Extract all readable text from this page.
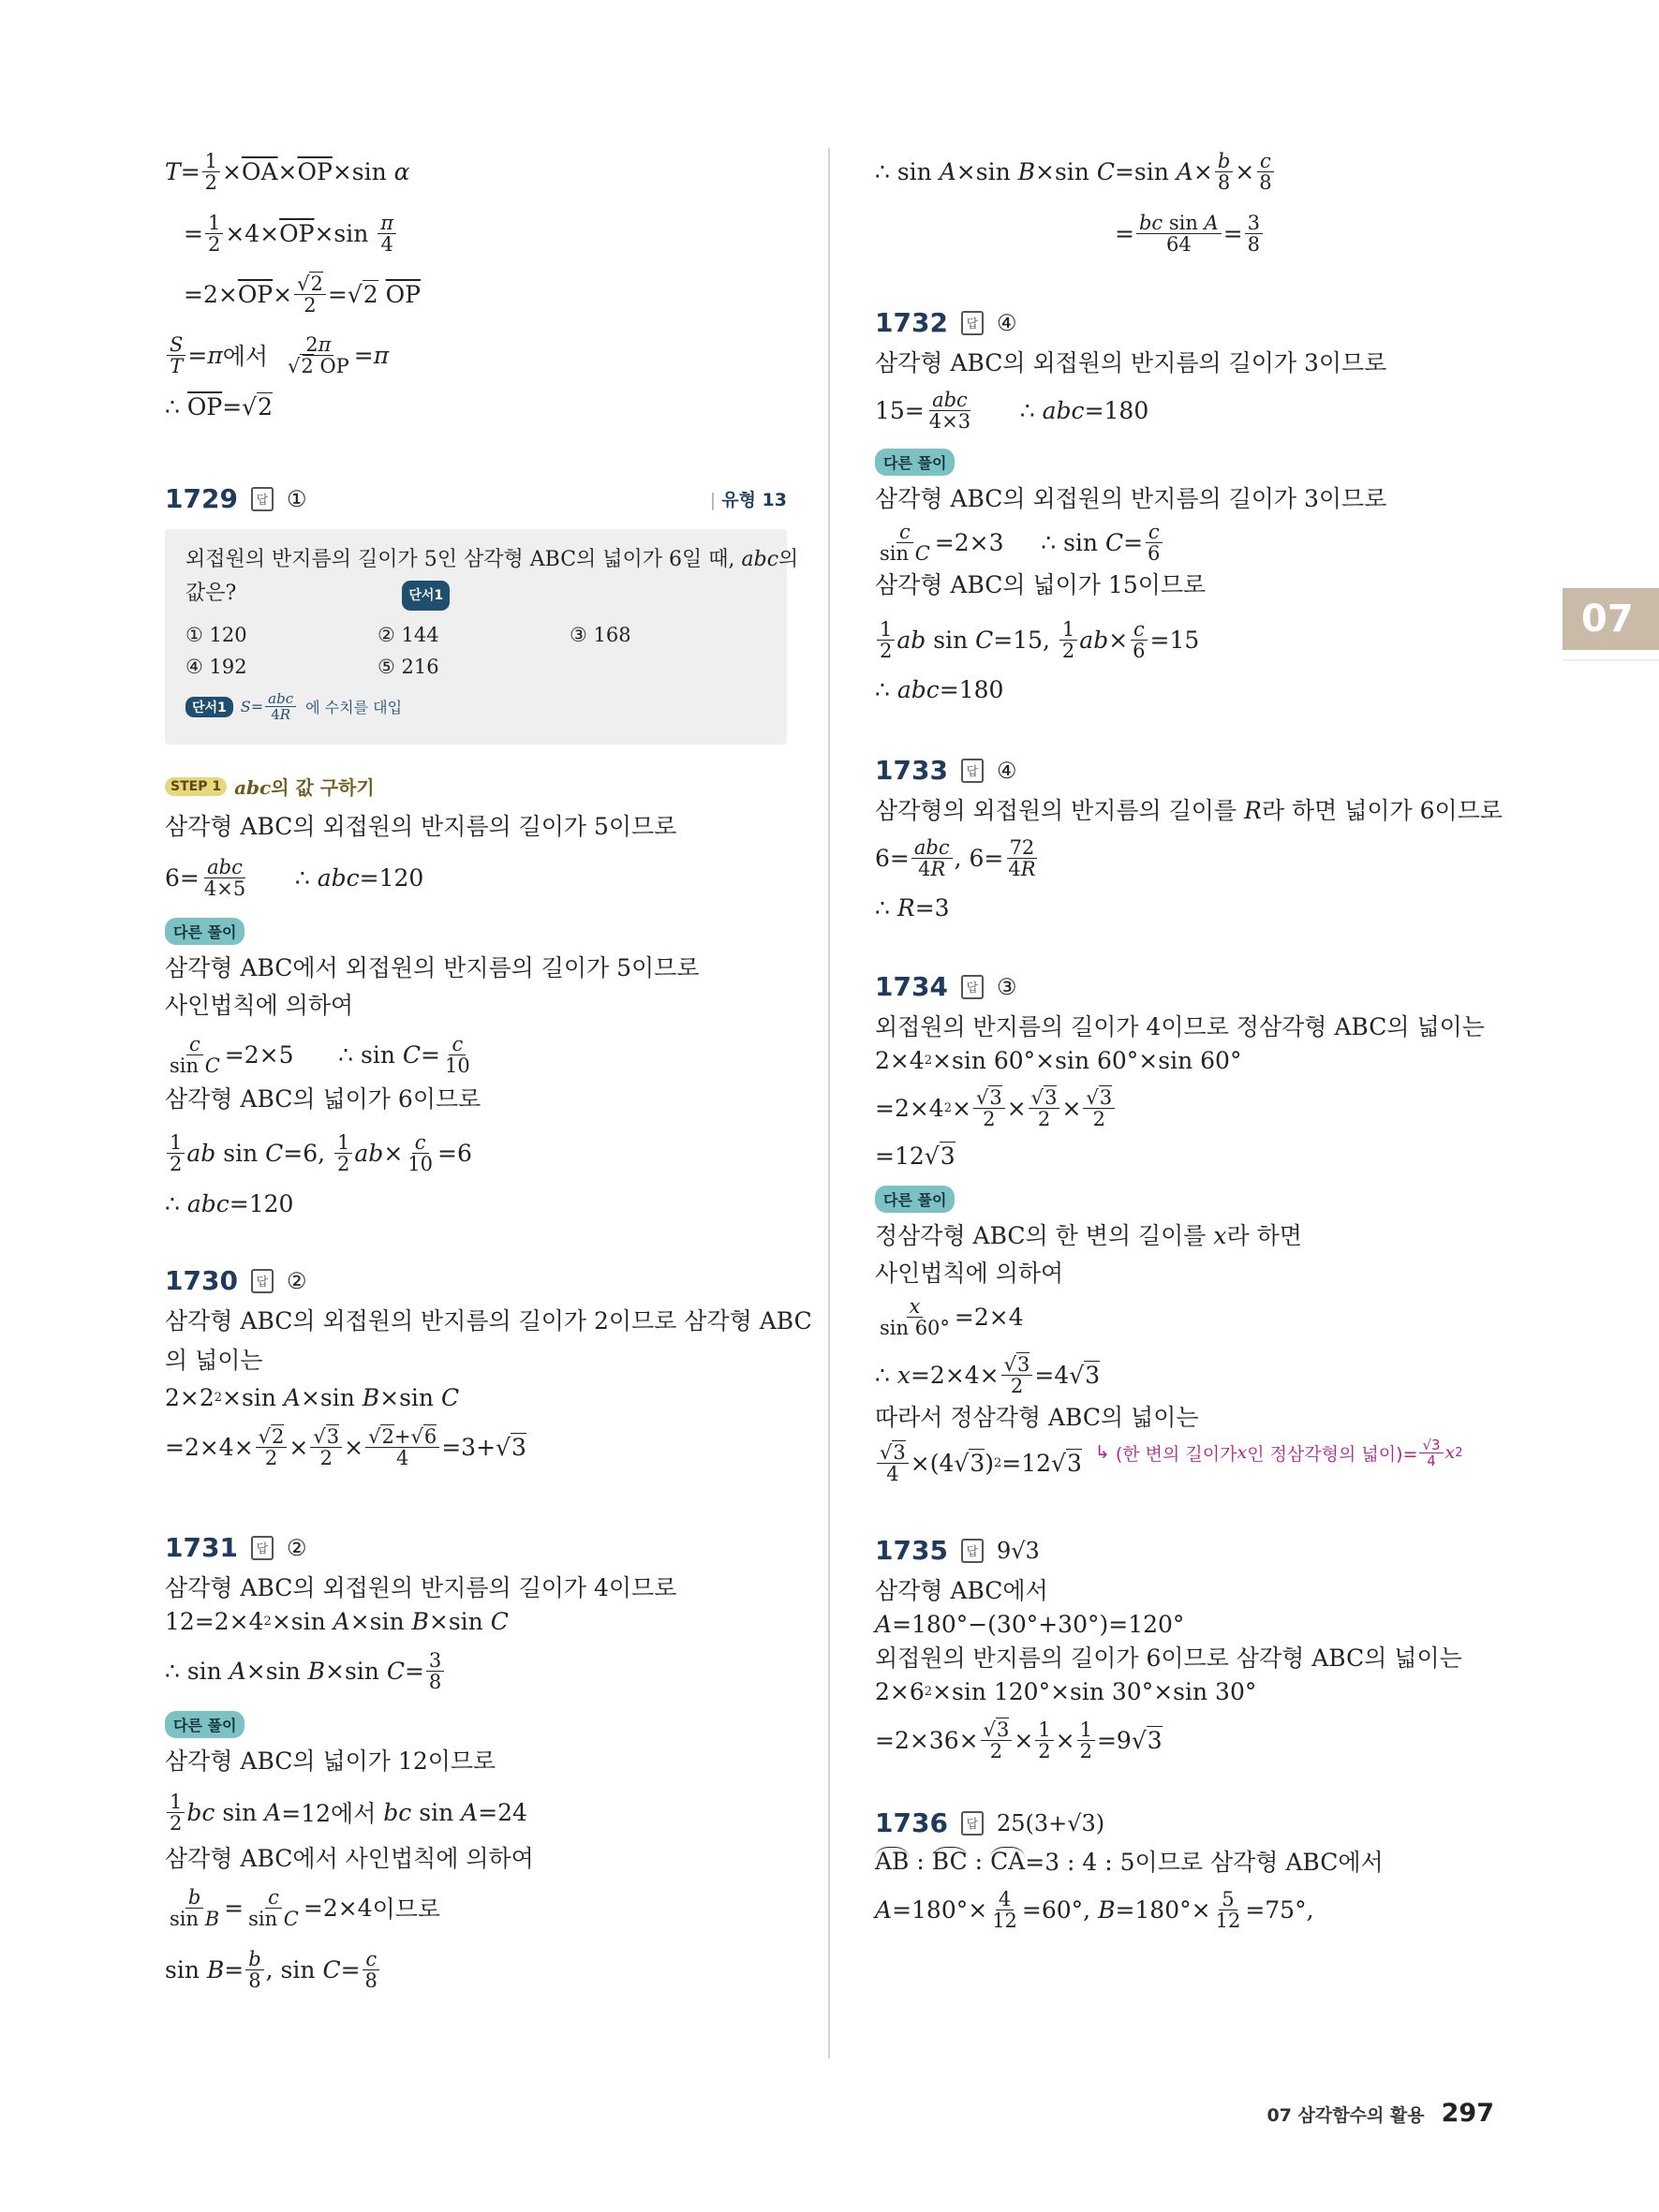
07
$T = \frac{1}{2} \times \overline{OA} \times \overline{OP} \times\sin$ α
= $\frac{1}{2} \times 4\times \overline{OP} \times\sin \frac{\pi}{4}$
$=2\times \overline{OP} \times \frac{√2}{2}$ =√ 2
$\overline{OP}$
$\frac{S}{T} = \pi$ 에서
$\frac{2\pi}{√2 OP} = \pi$
∴
$\overline{OP}$ =√ 2
1729	답 ①	| 유형 13
외접원의 반지름의 길이가 5인 삼각형 ABC의 넓이가 6일 때, abc의
값은?	단서1
① 120	② 144	③ 168
④ 192	⑤ 216
단서1 $S = \frac{\text{abc}}{4R}$ 에 수치를 대입
STEP 1 abc의 값 구하기
삼각형 ABC의 외접원의 반지름의 길이가 5이므로
$6= \frac{\text{abc}}{4\times 5}$ ∴ abc =120
다른 풀이
삼각형 ABC에서 외접원의 반지름의 길이가 5이므로
사인법칙에 의하여
$\frac{c}{\text{sin C}} =2\times 5$      ∴ $\sin C = \frac{c}{10}$
삼각형 ABC의 넓이가 6이므로
$\frac{1}{2}$ ab sin C =6, $\frac{1}{2}$ ab × $\frac{c}{10} =6$
∴ abc =120
1730	답 ②
삼각형 ABC의 외접원의 반지름의 길이가 2이므로 삼각형 ABC
의 넓이는
2×2 2 ×sin A ×sin B ×sin C
$=2\times 4\times \frac{√2}{2} \times \frac{√3}{2} \times \frac{√2+√6}{4} =3+√$ 3
1731	답 ②
삼각형 ABC의 외접원의 반지름의 길이가 4이므로
12=2×4 2 ×sin A ×sin B ×sin C
∴ sin A ×sin B ×sin $C = \frac{3}{8}$
다른 풀이
삼각형 ABC의 넓이가 12이므로
$\frac{1}{2}$ bc sin A =12에서 bc sin A =24
삼각형 ABC에서 사인법칙에 의하여
$\frac{b}{\text{sin B}} = \frac{c}{\text{sin C}} =2\times 4$ 이므로
$\sin B = \frac{b}{8}$ , $\sin C = \frac{c}{8}$
∴ sin A ×sin B ×sin C =sin $A \times \frac{b}{8} \times \frac{c}{8}$
= $\frac{\text{bc sin A}}{64} = \frac{3}{8}$
1732	답 ④
삼각형 ABC의 외접원의 반지름의 길이가 3이므로
$15= \frac{\text{abc}}{4\times 3}$ ∴ abc =180
다른 풀이
삼각형 ABC의 외접원의 반지름의 길이가 3이므로
$\frac{c}{\text{sin C}} =2\times 3$     ∴ $\sin C = \frac{c}{6}$
삼각형 ABC의 넓이가 15이므로
$\frac{1}{2}$ ab sin C =15, $\frac{1}{2}$ ab × $\frac{c}{6} =15$
∴ abc =180
1733	답 ④
삼각형의 외접원의 반지름의 길이를 R라 하면 넓이가 6이므로
$6= \frac{\text{abc}}{4R}$ , $6= \frac{72}{4R}$
∴ R =3
1734	답 ③
외접원의 반지름의 길이가 4이므로 정삼각형 ABC의 넓이는
2×4 2 ×sin 60°×sin 60°×sin 60°
=2×4 $2 \times \frac{√3}{2} \times \frac{√3}{2} \times \frac{√3}{2}$
=12√ 3
다른 풀이
정삼각형 ABC의 한 변의 길이를 x라 하면
사인법칙에 의하여
$\frac{x}{\sin 60^\circ} =2\times 4$
∴ $x =2\times 4\times \frac{√3}{2} =4√$ 3
따라서 정삼각형 ABC의 넓이는
$\frac{√3}{4} \times(4√$ 3 ) 2 =12√ 3 ↳
(한 변의 길이가 x 인 정삼각형의 넓이)= $\frac{√3}{4}$ x 2
1735	답 9√3
삼각형 ABC에서
A =180°−(30°+30°)=120°
외접원의 반지름의 길이가 6이므로 삼각형 ABC의 넓이는
2×6 2 ×sin 120°×sin 30°×sin 30°
$=2\times 36\times \frac{√3}{2} \times \frac{1}{2} \times \frac{1}{2} =9√$ 3
1736	답 25(3+√3)
AB : BC : CA =3 : 4 : 5이므로 삼각형 ABC에서
$A =180^\circ\times \frac{4}{12} =60^\circ$, $B =180^\circ\times \frac{5}{12} =75^\circ$,
07 삼각함수의 활용 297
